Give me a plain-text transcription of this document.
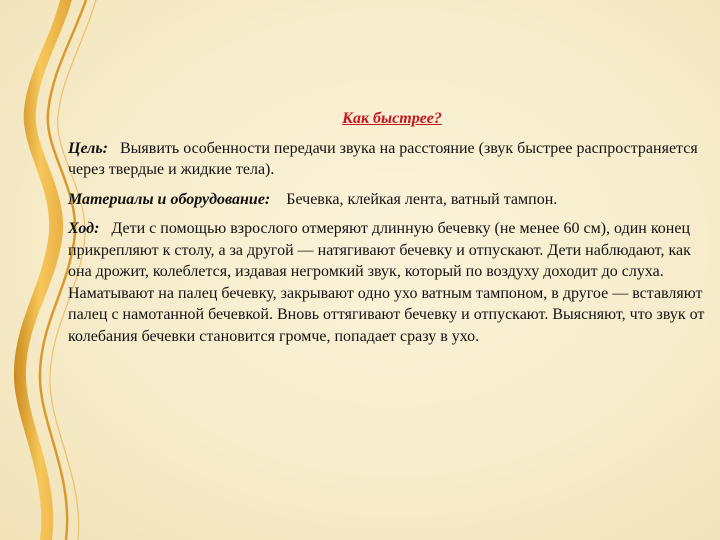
Как быстрее?

Цель: Выявить особенности передачи звука на расстояние (звук быстрее распространяется через твердые и жидкие тела).

Материалы и оборудование: Бечевка, клейкая лента, ватный тампон.

Ход: Дети с помощью взрослого отмеряют длинную бечевку (не менее 60 см), один конец прикрепляют к столу, а за другой — натягивают бечевку и отпускают. Дети наблюдают, как она дрожит, колеблется, издавая негромкий звук, который по воздуху доходит до слуха. Наматывают на палец бечевку, закрывают одно ухо ватным тампоном, в другое — вставляют палец с намотанной бечевкой. Вновь оттягивают бечевку и отпускают. Выясняют, что звук от колебания бечевки становится громче, попадает сразу в ухо.
